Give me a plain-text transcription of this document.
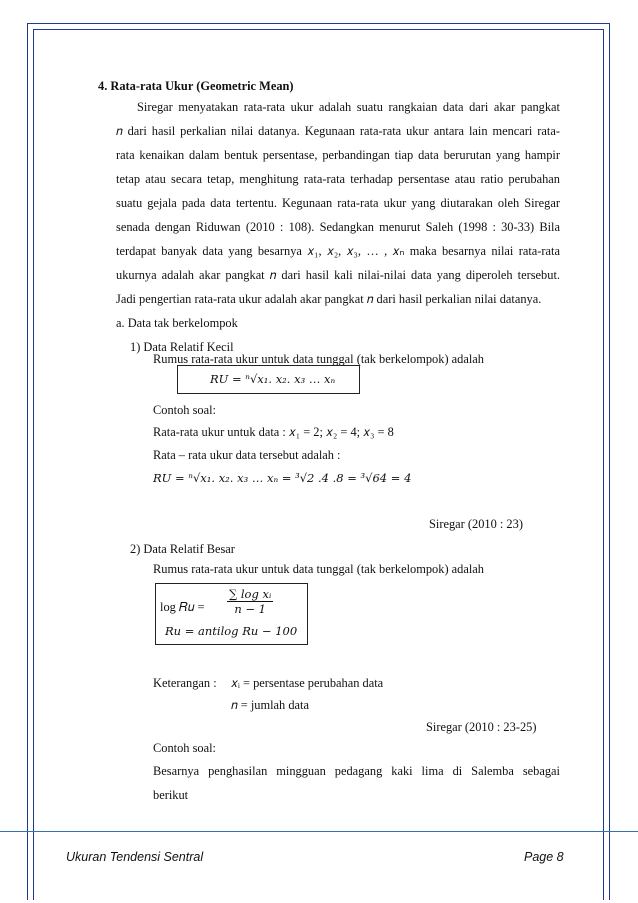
4. Rata-rata Ukur (Geometric Mean)
Siregar menyatakan rata-rata ukur adalah suatu rangkaian data dari akar pangkat
𝑛 dari hasil perkalian nilai datanya. Kegunaan rata-rata ukur antara lain mencari rata-
rata kenaikan dalam bentuk persentase, perbandingan tiap data berurutan yang hampir
tetap atau secara tetap, menghitung rata-rata terhadap persentase atau ratio perubahan
suatu gejala pada data tertentu. Kegunaan rata-rata ukur yang diutarakan oleh Siregar
senada dengan Riduwan (2010 : 108). Sedangkan menurut Saleh (1998 : 30-33) Bila
terdapat banyak data yang besarnya 𝑥₁, 𝑥₂, 𝑥₃, … , 𝑥ₙ maka besarnya nilai rata-rata
ukurnya adalah akar pangkat 𝑛 dari hasil kali nilai-nilai data yang diperoleh tersebut.
Jadi pengertian rata-rata ukur adalah akar pangkat 𝑛 dari hasil perkalian nilai datanya.
a. Data tak berkelompok
1) Data Relatif Kecil
Rumus rata-rata ukur untuk data tunggal (tak berkelompok) adalah
𝑅𝑈 = ⁿ√𝑥₁. 𝑥₂. 𝑥₃ … 𝑥ₙ
Contoh soal:
Rata-rata ukur untuk data : 𝑥₁ = 2; 𝑥₂ = 4; 𝑥₃ = 8
Rata – rata ukur data tersebut adalah :
𝑅𝑈 = ⁿ√𝑥₁. 𝑥₂. 𝑥₃ … 𝑥ₙ = ³√2 .4 .8 = ³√64 = 4
Siregar (2010 : 23)
2) Data Relatif Besar
Rumus rata-rata ukur untuk data tunggal (tak berkelompok) adalah
log 𝑅𝑢 = $\frac{\text{∑ 𝑙𝑜𝑔 𝑥ᵢ}}{\text{𝑛 − 1}}$
𝑅𝑢 = 𝑎𝑛𝑡𝑖𝑙𝑜𝑔 𝑅𝑢 − 100
Keterangan : 𝑥ᵢ = persentase perubahan data
𝑛 = jumlah data
Siregar (2010 : 23-25)
Contoh soal:
Besarnya penghasilan mingguan pedagang kaki lima di Salemba sebagai
berikut
Ukuran Tendensi Sentral	Page 8
